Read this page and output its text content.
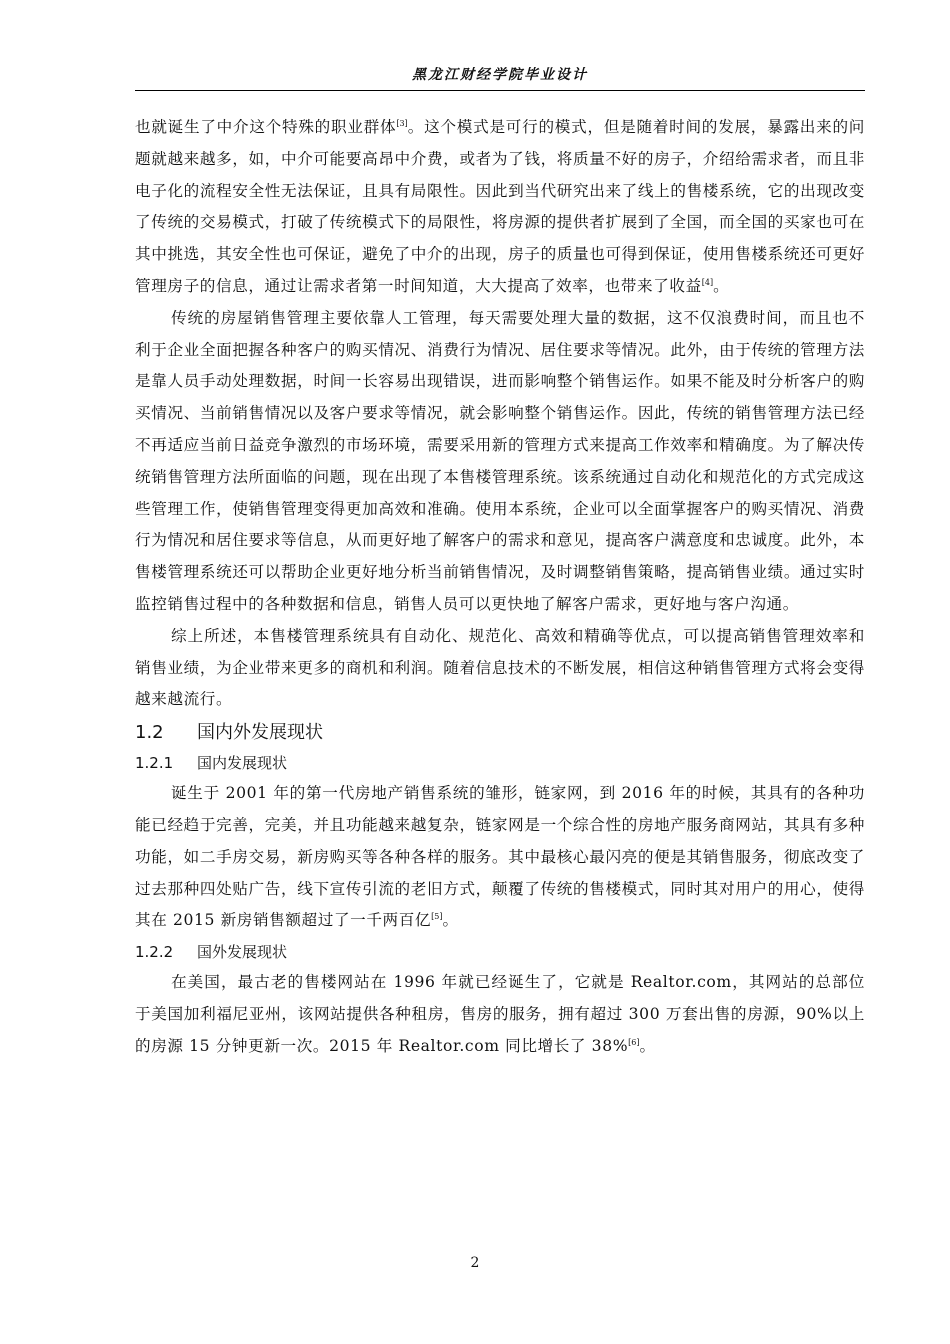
黑龙江财经学院毕业设计

也就诞生了中介这个特殊的职业群体[3]。这个模式是可行的模式，但是随着时间的发展，暴露出来的问题就越来越多，如，中介可能要高昂中介费，或者为了钱，将质量不好的房子，介绍给需求者，而且非电子化的流程安全性无法保证，且具有局限性。因此到当代研究出来了线上的售楼系统，它的出现改变了传统的交易模式，打破了传统模式下的局限性，将房源的提供者扩展到了全国，而全国的买家也可在其中挑选，其安全性也可保证，避免了中介的出现，房子的质量也可得到保证，使用售楼系统还可更好管理房子的信息，通过让需求者第一时间知道，大大提高了效率，也带来了收益[4]。

传统的房屋销售管理主要依靠人工管理，每天需要处理大量的数据，这不仅浪费时间，而且也不利于企业全面把握各种客户的购买情况、消费行为情况、居住要求等情况。此外，由于传统的管理方法是靠人员手动处理数据，时间一长容易出现错误，进而影响整个销售运作。如果不能及时分析客户的购买情况、当前销售情况以及客户要求等情况，就会影响整个销售运作。因此，传统的销售管理方法已经不再适应当前日益竞争激烈的市场环境，需要采用新的管理方式来提高工作效率和精确度。为了解决传统销售管理方法所面临的问题，现在出现了本售楼管理系统。该系统通过自动化和规范化的方式完成这些管理工作，使销售管理变得更加高效和准确。使用本系统，企业可以全面掌握客户的购买情况、消费行为情况和居住要求等信息，从而更好地了解客户的需求和意见，提高客户满意度和忠诚度。此外，本售楼管理系统还可以帮助企业更好地分析当前销售情况，及时调整销售策略，提高销售业绩。通过实时监控销售过程中的各种数据和信息，销售人员可以更快地了解客户需求，更好地与客户沟通。

综上所述，本售楼管理系统具有自动化、规范化、高效和精确等优点，可以提高销售管理效率和销售业绩，为企业带来更多的商机和利润。随着信息技术的不断发展，相信这种销售管理方式将会变得越来越流行。

1.2 国内外发展现状
1.2.1 国内发展现状

诞生于 2001 年的第一代房地产销售系统的雏形，链家网，到 2016 年的时候，其具有的各种功能已经趋于完善，完美，并且功能越来越复杂，链家网是一个综合性的房地产服务商网站，其具有多种功能，如二手房交易，新房购买等各种各样的服务。其中最核心最闪亮的便是其销售服务，彻底改变了过去那种四处贴广告，线下宣传引流的老旧方式，颠覆了传统的售楼模式，同时其对用户的用心，使得其在 2015 新房销售额超过了一千两百亿[5]。

1.2.2 国外发展现状

在美国，最古老的售楼网站在 1996 年就已经诞生了，它就是 Realtor.com，其网站的总部位于美国加利福尼亚州，该网站提供各种租房，售房的服务，拥有超过 300 万套出售的房源，90%以上的房源 15 分钟更新一次。2015 年 Realtor.com 同比增长了 38%[6]。

2
